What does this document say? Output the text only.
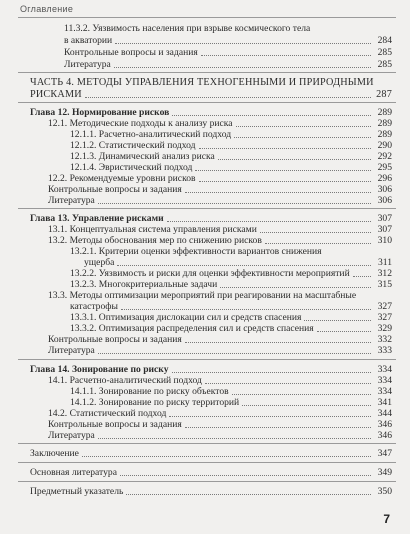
Оглавление
11.3.2. Уязвимость населения при взрыве космического тела
в акватории	284
Контрольные вопросы и задания	285
Литература	285
ЧАСТЬ 4. МЕТОДЫ УПРАВЛЕНИЯ ТЕХНОГЕННЫМИ И ПРИРОДНЫМИ
РИСКАМИ	287
Глава 12. Нормирование рисков	289
12.1. Методические подходы к анализу риска	289
12.1.1. Расчетно-аналитический подход	289
12.1.2. Статистический подход	290
12.1.3. Динамический анализ риска	292
12.1.4. Эвристический подход	295
12.2. Рекомендуемые уровни рисков	296
Контрольные вопросы и задания	306
Литература	306
Глава 13. Управление рисками	307
13.1. Концептуальная система управления рисками	307
13.2. Методы обоснования мер по снижению рисков	310
13.2.1. Критерии оценки эффективности вариантов снижения
ущерба	311
13.2.2. Уязвимость и риски для оценки эффективности мероприятий	312
13.2.3. Многокритериальные задачи	315
13.3. Методы оптимизации мероприятий при реагировании на масштабные
катастрофы	327
13.3.1. Оптимизация дислокации сил и средств спасения	327
13.3.2. Оптимизация распределения сил и средств спасения	329
Контрольные вопросы и задания	332
Литература	333
Глава 14. Зонирование по риску	334
14.1. Расчетно-аналитический подход	334
14.1.1. Зонирование по риску объектов	334
14.1.2. Зонирование по риску территорий	341
14.2. Статистический подход	344
Контрольные вопросы и задания	346
Литература	346
Заключение	347
Основная литература	349
Предметный указатель	350
7
